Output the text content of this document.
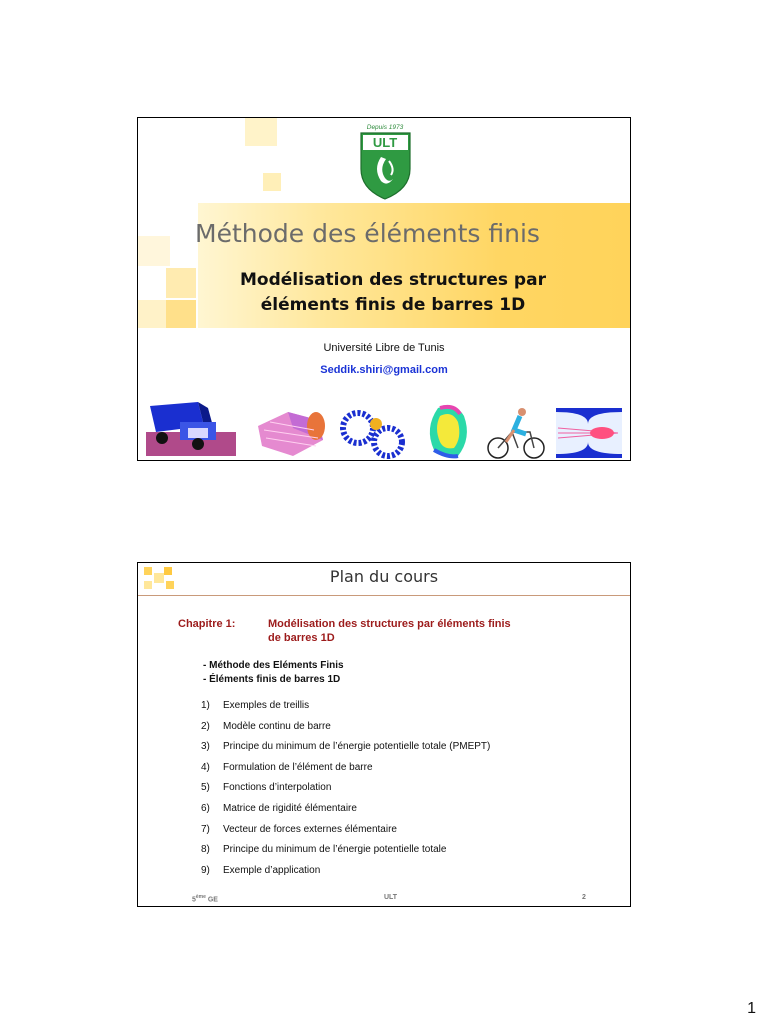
Depuis 1973
ULT
Méthode des éléments finis
Modélisation des structures par
éléments finis de barres 1D
Université Libre de Tunis
Seddik.shiri@gmail.com
Plan du cours
Chapitre 1:	Modélisation des structures par éléments finis
de barres 1D
- Méthode des Eléments Finis
- Éléments finis de barres 1D
1) Exemples de treillis
2) Modèle continu de barre
3) Principe du minimum de l’énergie potentielle totale (PMEPT)
4) Formulation de l’élément de barre
5) Fonctions d’interpolation
6) Matrice de rigidité élémentaire
7) Vecteur de forces externes élémentaire
8) Principe du minimum de l’énergie potentielle totale
9) Exemple d’application
5ème GE	ULT	2
1
